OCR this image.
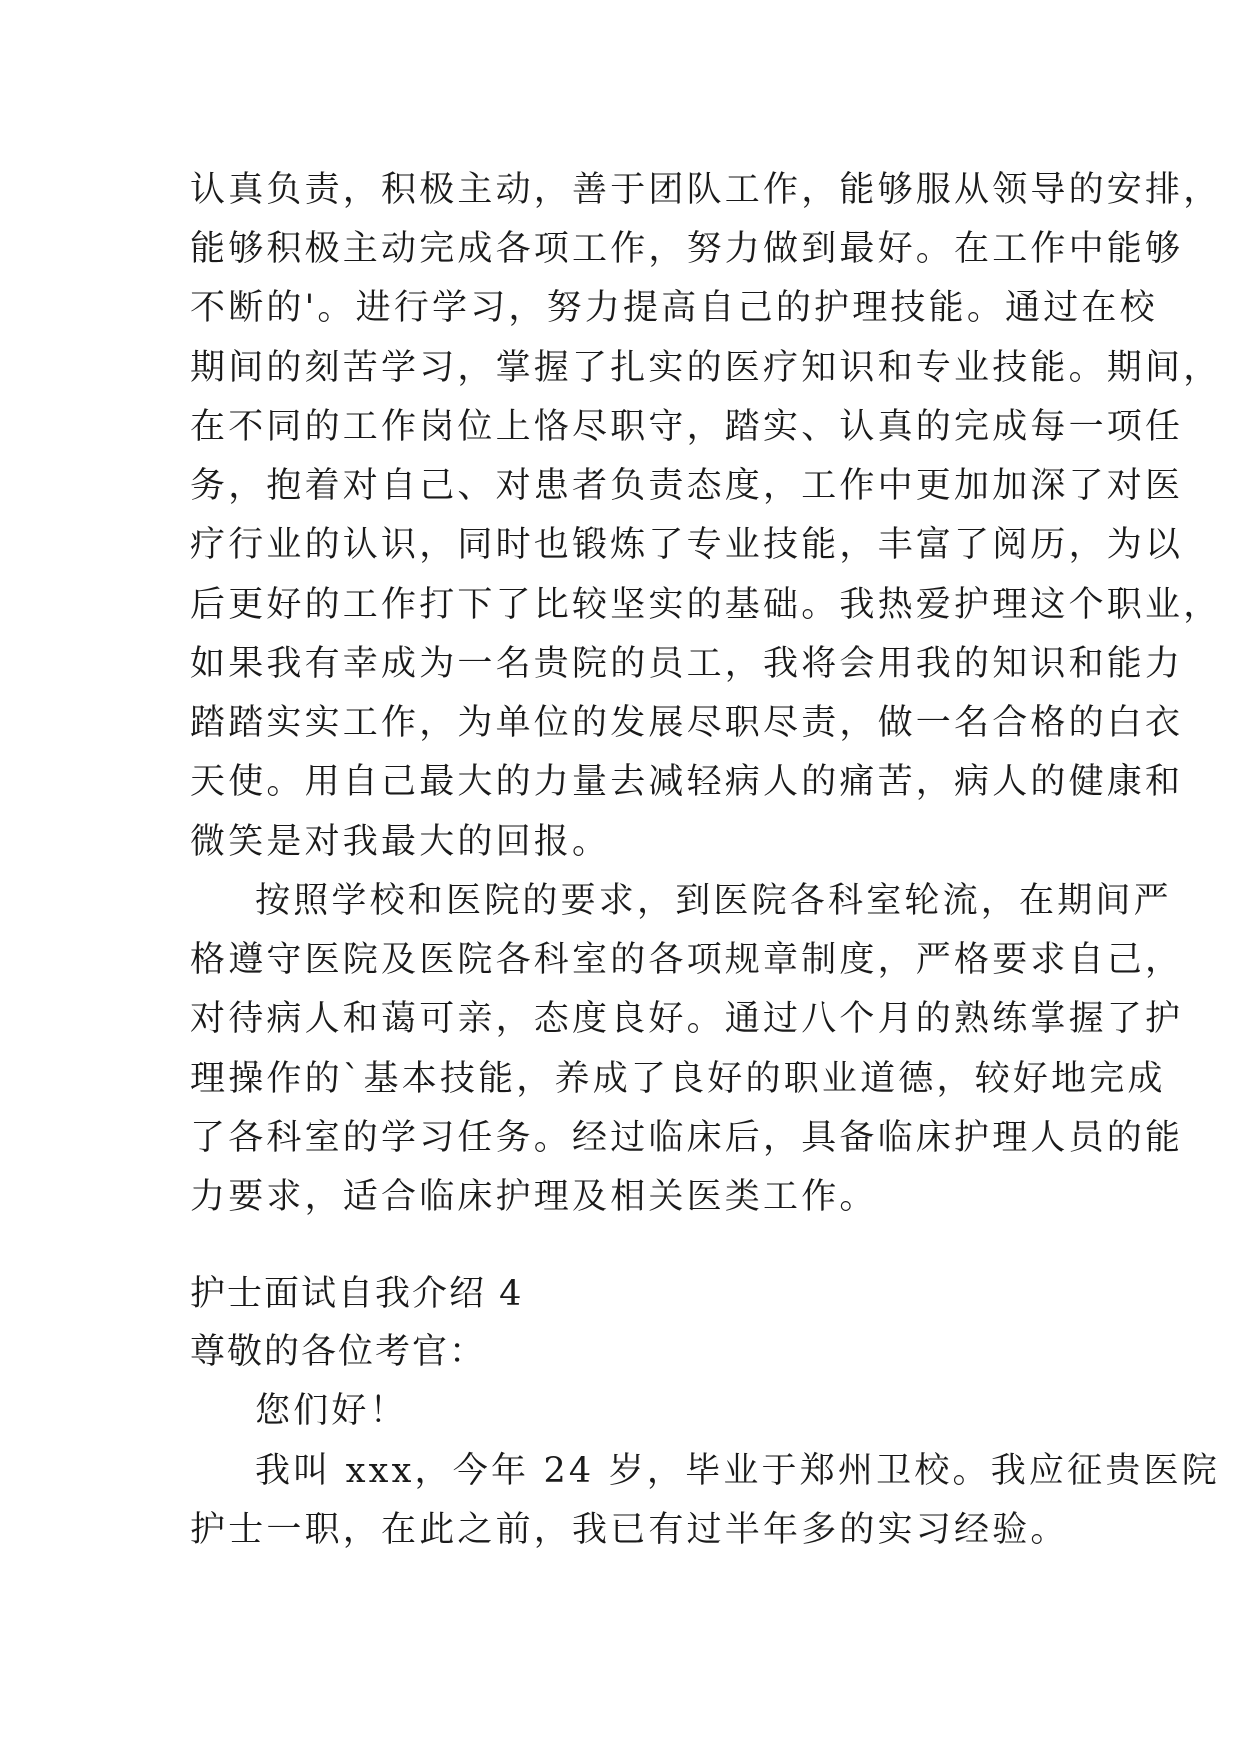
认真负责，积极主动，善于团队工作，能够服从领导的安排，
能够积极主动完成各项工作，努力做到最好。在工作中能够
不断的'。进行学习，努力提高自己的护理技能。通过在校
期间的刻苦学习，掌握了扎实的医疗知识和专业技能。期间，
在不同的工作岗位上恪尽职守，踏实、认真的完成每一项任
务，抱着对自己、对患者负责态度，工作中更加加深了对医
疗行业的认识，同时也锻炼了专业技能，丰富了阅历，为以
后更好的工作打下了比较坚实的基础。我热爱护理这个职业，
如果我有幸成为一名贵院的员工，我将会用我的知识和能力
踏踏实实工作，为单位的发展尽职尽责，做一名合格的白衣
天使。用自己最大的力量去减轻病人的痛苦，病人的健康和
微笑是对我最大的回报。
按照学校和医院的要求，到医院各科室轮流，在期间严
格遵守医院及医院各科室的各项规章制度，严格要求自己，
对待病人和蔼可亲，态度良好。通过八个月的熟练掌握了护
理操作的`基本技能，养成了良好的职业道德，较好地完成
了各科室的学习任务。经过临床后，具备临床护理人员的能
力要求，适合临床护理及相关医类工作。
护士面试自我介绍 4
尊敬的各位考官：
您们好！
我叫 xxx，今年 24 岁，毕业于郑州卫校。我应征贵医院
护士一职，在此之前，我已有过半年多的实习经验。
